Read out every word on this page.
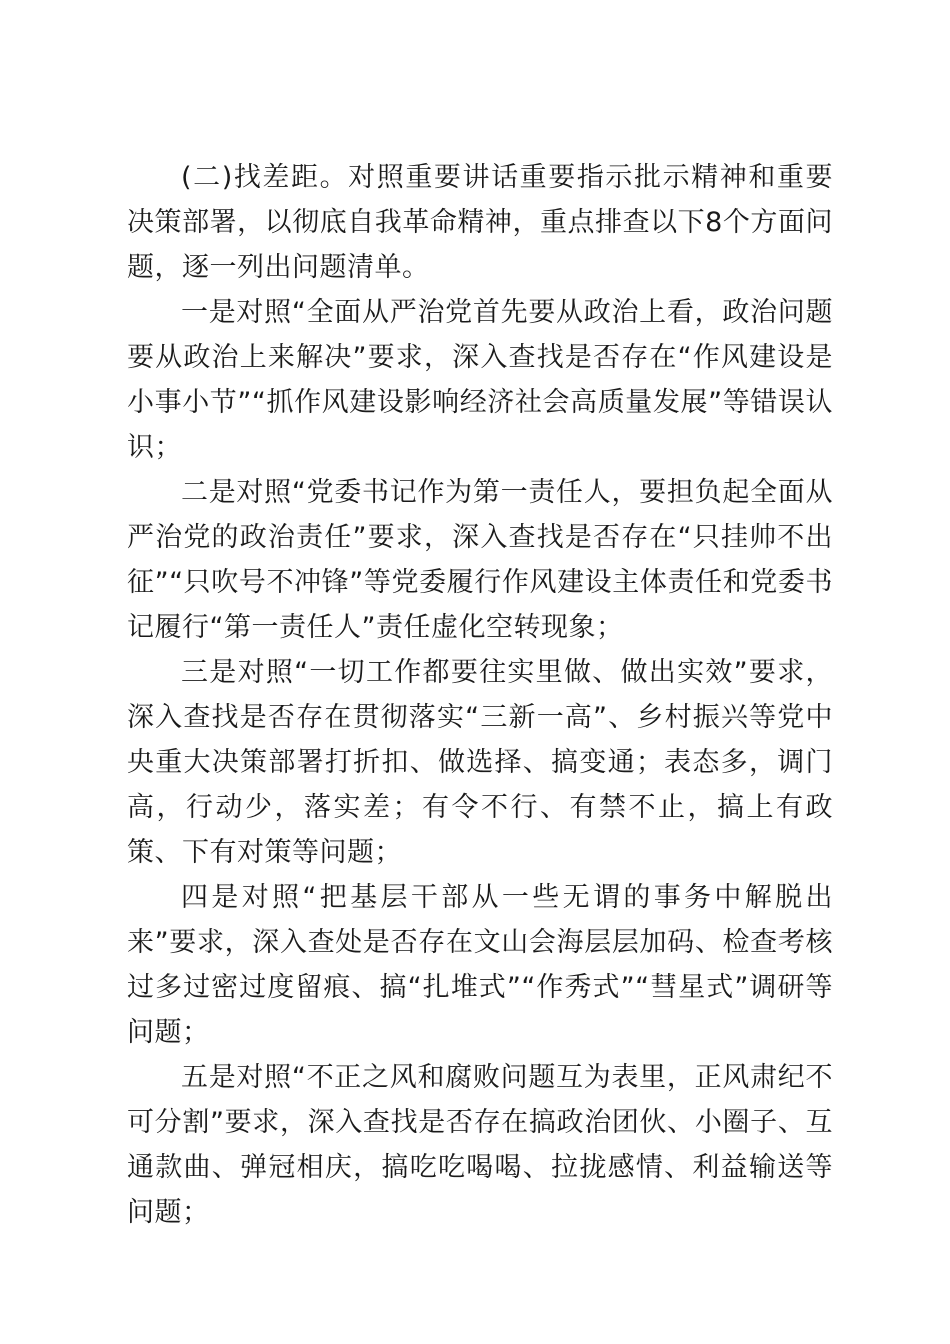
(二)找差距。对照重要讲话重要指示批示精神和重要决策部署，以彻底自我革命精神，重点排查以下8个方面问题，逐一列出问题清单。

一是对照“全面从严治党首先要从政治上看，政治问题要从政治上来解决”要求，深入查找是否存在“作风建设是小事小节”“抓作风建设影响经济社会高质量发展”等错误认识；

二是对照“党委书记作为第一责任人，要担负起全面从严治党的政治责任”要求，深入查找是否存在“只挂帅不出征”“只吹号不冲锋”等党委履行作风建设主体责任和党委书记履行“第一责任人”责任虚化空转现象；

三是对照“一切工作都要往实里做、做出实效”要求，深入查找是否存在贯彻落实“三新一高”、乡村振兴等党中央重大决策部署打折扣、做选择、搞变通；表态多，调门高，行动少，落实差；有令不行、有禁不止，搞上有政策、下有对策等问题；

四是对照“把基层干部从一些无谓的事务中解脱出来”要求，深入查处是否存在文山会海层层加码、检查考核过多过密过度留痕、搞“扎堆式”“作秀式”“彗星式”调研等问题；

五是对照“不正之风和腐败问题互为表里，正风肃纪不可分割”要求，深入查找是否存在搞政治团伙、小圈子、互通款曲、弹冠相庆，搞吃吃喝喝、拉拢感情、利益输送等问题；
